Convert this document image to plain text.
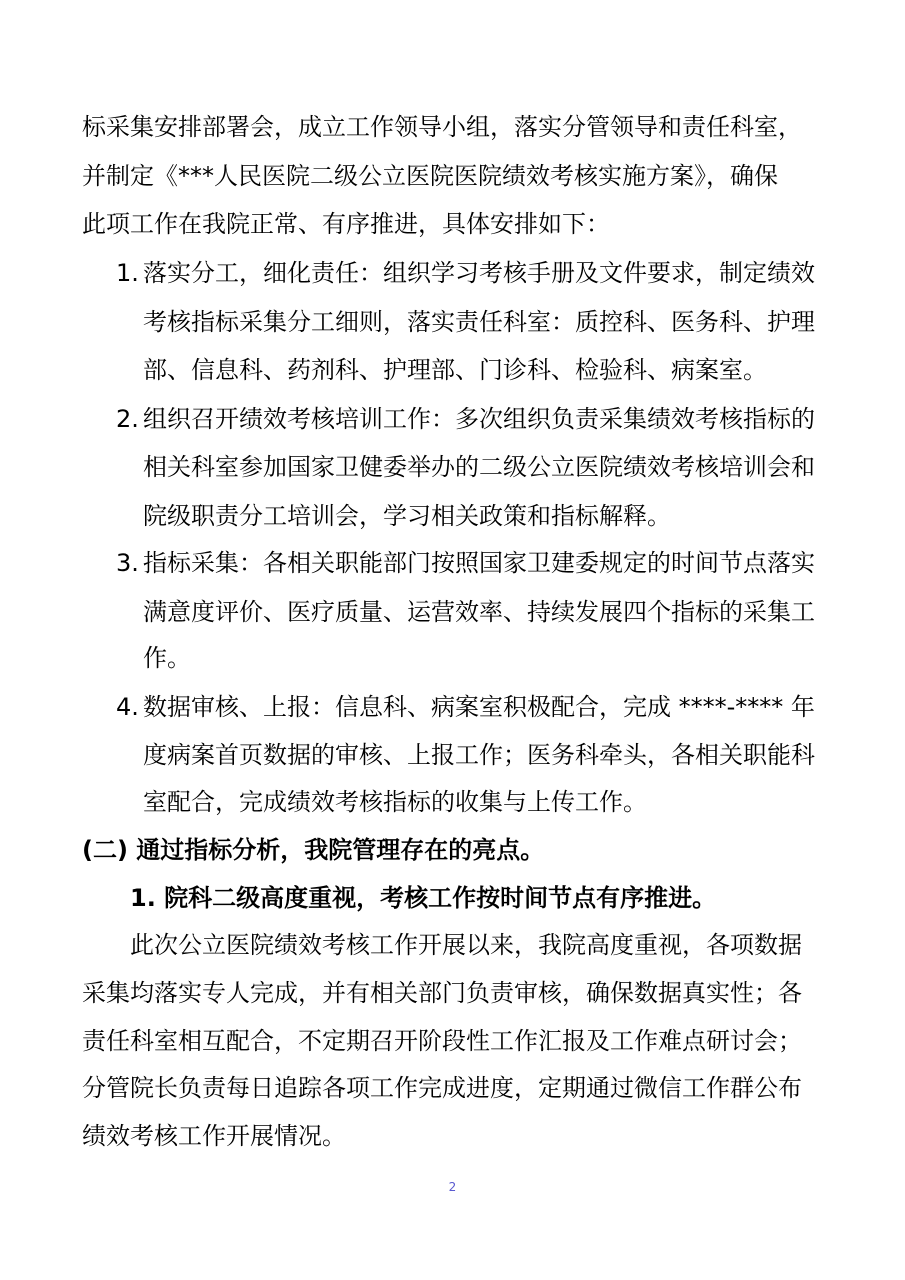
标采集安排部署会，成立工作领导小组，落实分管领导和责任科室，
并制定《***人民医院二级公立医院医院绩效考核实施方案》，确保
此项工作在我院正常、有序推进，具体安排如下：
1. 落实分工，细化责任：组织学习考核手册及文件要求，制定绩效
考核指标采集分工细则，落实责任科室：质控科、医务科、护理
部、信息科、药剂科、护理部、门诊科、检验科、病案室。
2. 组织召开绩效考核培训工作：多次组织负责采集绩效考核指标的
相关科室参加国家卫健委举办的二级公立医院绩效考核培训会和
院级职责分工培训会，学习相关政策和指标解释。
3. 指标采集：各相关职能部门按照国家卫建委规定的时间节点落实
满意度评价、医疗质量、运营效率、持续发展四个指标的采集工
作。
4. 数据审核、上报：信息科、病案室积极配合，完成 ****-**** 年
度病案首页数据的审核、上报工作；医务科牵头，各相关职能科
室配合，完成绩效考核指标的收集与上传工作。
(二) 通过指标分析，我院管理存在的亮点。
1. 院科二级高度重视，考核工作按时间节点有序推进。
此次公立医院绩效考核工作开展以来，我院高度重视，各项数据
采集均落实专人完成，并有相关部门负责审核，确保数据真实性；各
责任科室相互配合，不定期召开阶段性工作汇报及工作难点研讨会；
分管院长负责每日追踪各项工作完成进度，定期通过微信工作群公布
绩效考核工作开展情况。
2
